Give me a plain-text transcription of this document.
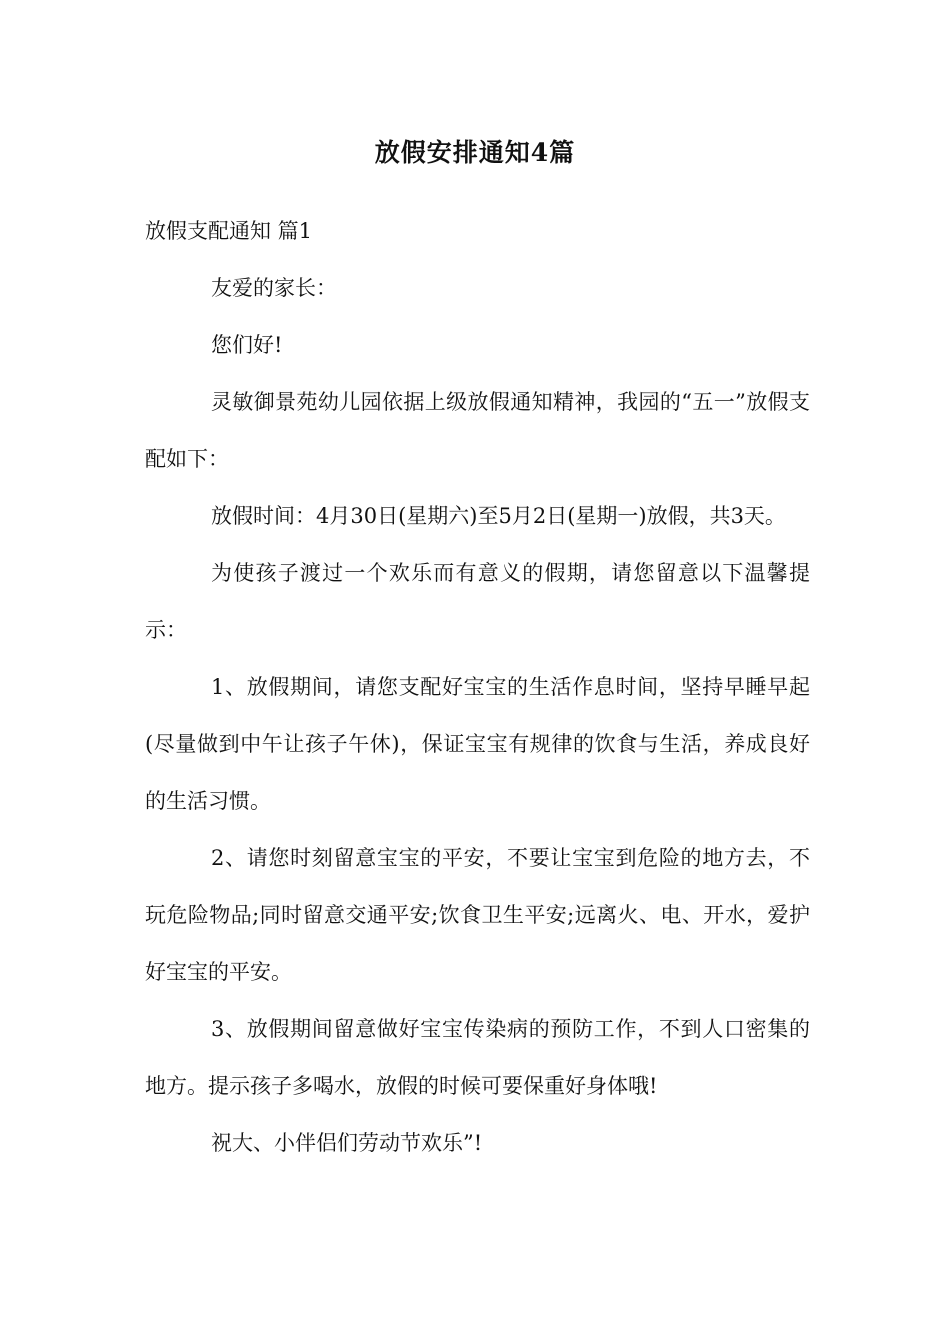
放假安排通知4篇

放假支配通知 篇1

友爱的家长：

您们好!

灵敏御景苑幼儿园依据上级放假通知精神，我园的“五一”放假支配如下：

放假时间：4月30日(星期六)至5月2日(星期一)放假，共3天。

为使孩子渡过一个欢乐而有意义的假期，请您留意以下温馨提示：

1、放假期间，请您支配好宝宝的生活作息时间，坚持早睡早起(尽量做到中午让孩子午休)，保证宝宝有规律的饮食与生活，养成良好的生活习惯。

2、请您时刻留意宝宝的平安，不要让宝宝到危险的地方去，不玩危险物品;同时留意交通平安;饮食卫生平安;远离火、电、开水，爱护好宝宝的平安。

3、放假期间留意做好宝宝传染病的预防工作，不到人口密集的地方。提示孩子多喝水，放假的时候可要保重好身体哦!

祝大、小伴侣们劳动节欢乐”!
